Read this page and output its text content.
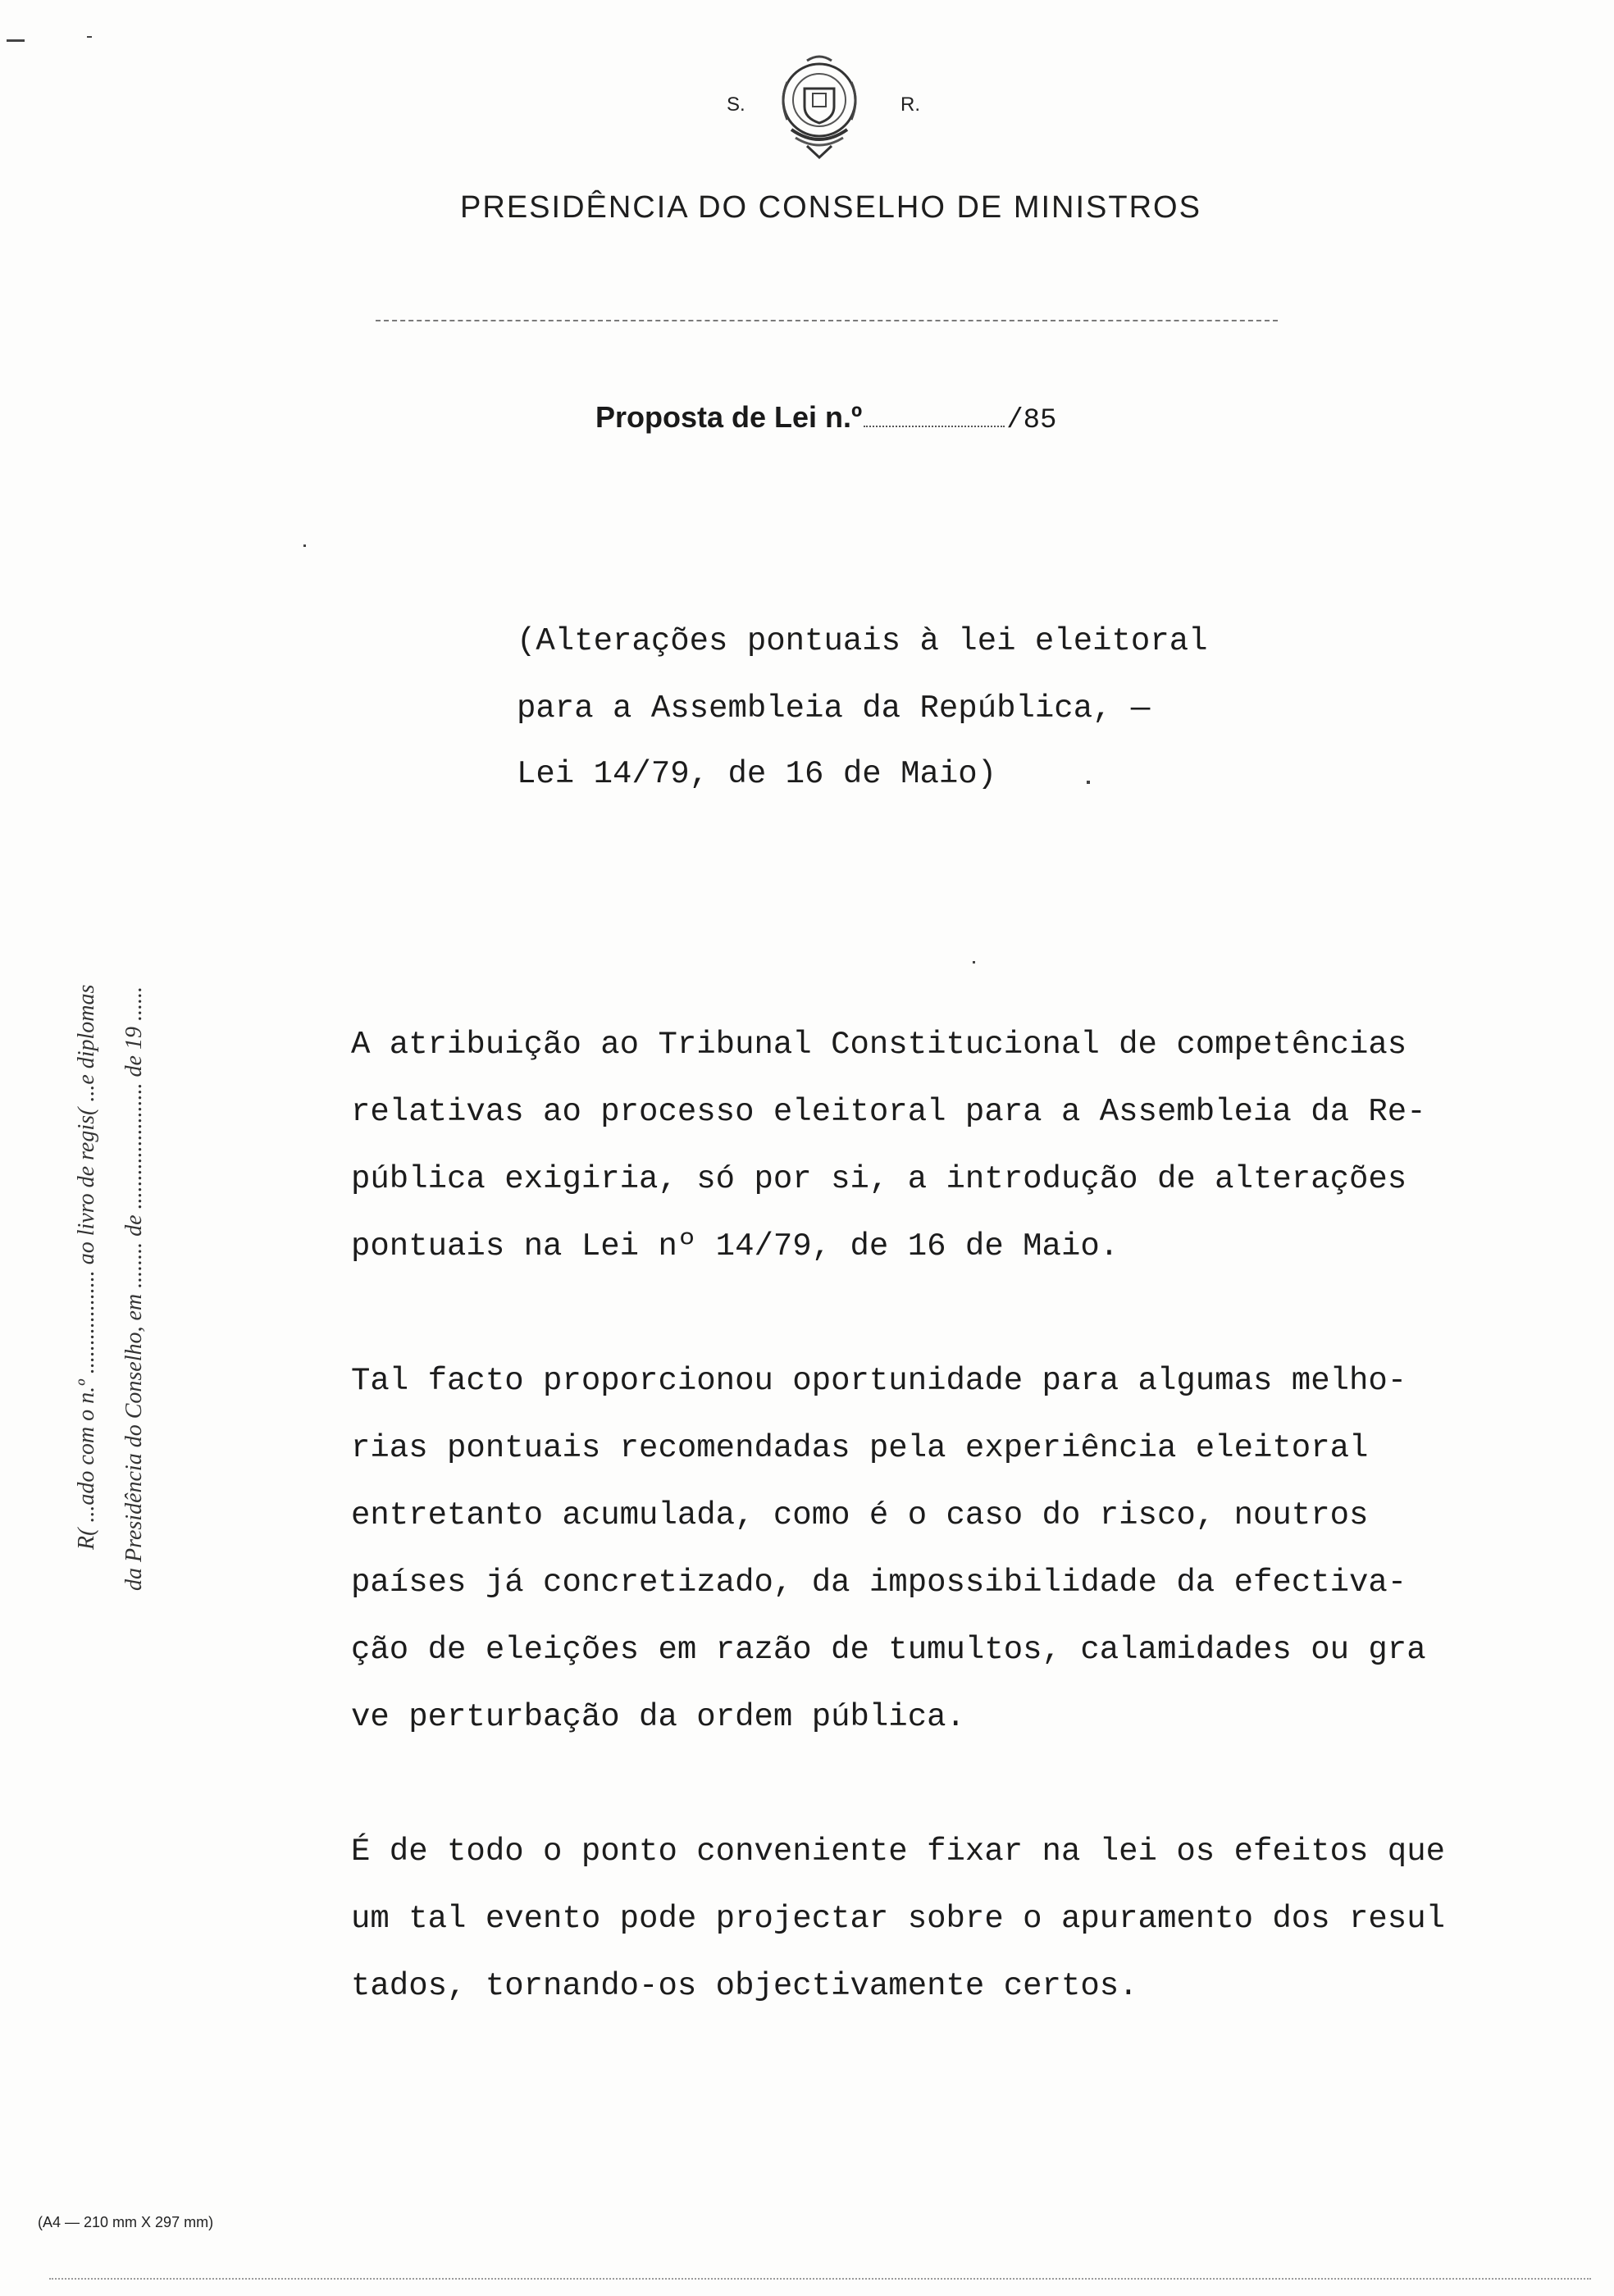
S.	R.
PRESIDÊNCIA DO CONSELHO DE MINISTROS
Proposta de Lei n.º	/85
(Alterações pontuais à lei eleitoral
para a Assembleia da República, —
Lei 14/79, de 16 de Maio)
A atribuição ao Tribunal Constitucional de competências
relativas ao processo eleitoral para a Assembleia da Re-
pública exigiria, só por si, a introdução de alterações
pontuais na Lei nº 14/79, de 16 de Maio.
Tal facto proporcionou oportunidade para algumas melho-
rias pontuais recomendadas pela experiência eleitoral
entretanto acumulada, como é o caso do risco, noutros
países já concretizado, da impossibilidade da efectiva-
ção de eleições em razão de tumultos, calamidades ou gra
ve perturbação da ordem pública.
É de todo o ponto conveniente fixar na lei os efeitos que
um tal evento pode projectar sobre o apuramento dos resul
tados, tornando-os objectivamente certos.
R( ...ado com o n.º .................. ao livro de regis( ...e diplomas da Presidência do Conselho, em ........ de ...................... de 19 ......
(A4 — 210 mm X 297 mm)
